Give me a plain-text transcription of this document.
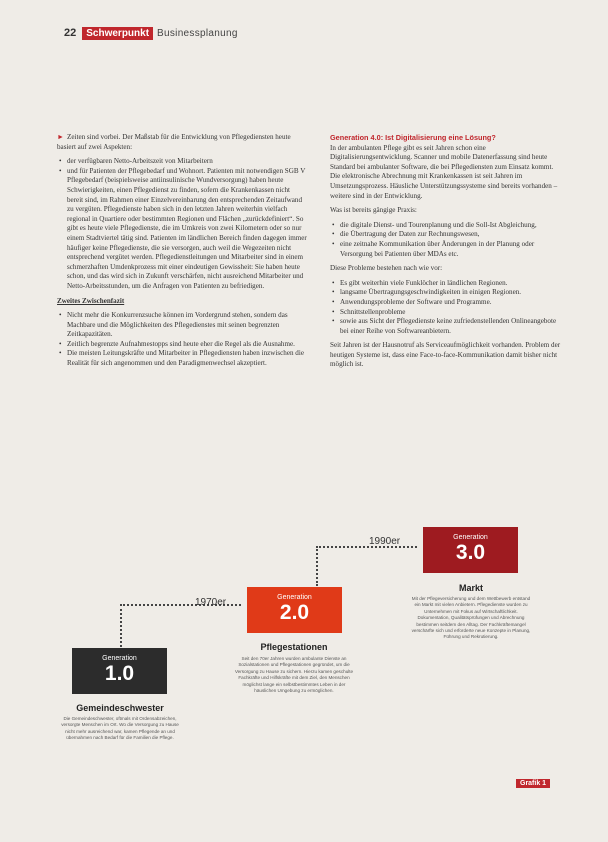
22	Schwerpunkt Businessplanung

► Zeiten sind vorbei. Der Maßstab für die Entwicklung von Pflegediensten heute basiert auf zwei Aspekten:

• der verfügbaren Netto-Arbeitszeit von Mitarbeitern
• und für Patienten der Pflegebedarf und Wohnort. Patienten mit notwendigen SGB V Pflegebedarf (beispielsweise antiinsulinische Wundversorgung) haben heute Schwierigkeiten, einen Pflegedienst zu finden, sofern die Krankenkassen nicht bereit sind, im Rahmen einer Einzelvereinbarung den entsprechenden Zeitaufwand zu vergüten. Pflegedienste haben sich in den letzten Jahren weiterhin vielfach regional in Quartiere oder bestimmten Regionen und Flächen „zurückdefiniert“. So gibt es heute viele Pflegedienste, die im Umkreis von zwei Kilometern oder so nur einem Stadtviertel tätig sind. Patienten im ländlichen Bereich finden dagegen immer häufiger keine Pflegedienste, die sie versorgen, auch weil die Wegezeiten nicht entsprechend vergütet werden. Pflegedienstleitungen und Mitarbeiter sind in einem schmerzhaften Umdenkprozess mit einer eindeutigen Gewissheit: Sie haben heute schon, und das wird sich in Zukunft verschärfen, nicht ausreichend Mitarbeiter und Netto-Arbeitsstunden, um die Anfragen von Patienten zu befriedigen.

Zweites Zwischenfazit

• Nicht mehr die Konkurrenzsuche können im Vordergrund stehen, sondern das Machbare und die Möglichkeiten des Pflegedienstes mit seinen begrenzten Zeitkapazitäten.
• Zeitlich begrenzte Aufnahmestopps sind heute eher die Regel als die Ausnahme.
• Die meisten Leitungskräfte und Mitarbeiter in Pflegediensten haben inzwischen die Realität für sich angenommen und den Paradigmenwechsel akzeptiert.

Generation 4.0: Ist Digitalisierung eine Lösung?
In der ambulanten Pflege gibt es seit Jahren schon eine Digitalisierungsentwicklung. Scanner und mobile Datenerfassung sind heute Standard bei ambulanter Software, die bei Pflegediensten zum Einsatz kommt. Die elektronische Abrechnung mit Krankenkassen ist seit Jahren im Umsetzungsprozess. Häusliche Unterstützungssysteme sind bereits vorhanden – weitere sind in der Entwicklung.

Was ist bereits gängige Praxis:

• die digitale Dienst- und Tourenplanung und die Soll-Ist Abgleichung,
• die Übertragung der Daten zur Rechnungswesen,
• eine zeitnahe Kommunikation über Änderungen in der Planung oder Versorgung bei Patienten über MDAs etc.

Diese Probleme bestehen nach wie vor:

• Es gibt weiterhin viele Funklöcher in ländlichen Regionen.
• langsame Übertragungsgeschwindigkeiten in einigen Regionen.
• Anwendungsprobleme der Software und Programme.
• Schnittstellenprobleme
• sowie aus Sicht der Pflegedienste keine zufriedenstellenden Onlineangebote bei einer Reihe von Softwareanbietern.

Seit Jahren ist der Hausnotruf als Serviceaufmöglichkeit vorhanden. Problem der heutigen Systeme ist, dass eine Face-to-face-Kommunikation damit bisher nicht möglich ist.

1970er
1990er
Generation
1.0
Generation
2.0
Generation
3.0
Gemeindeschwester
Die Gemeindeschwester, oftmals mit Ordensabzeichen, versorgte Menschen im Ort. Wo die Versorgung zu Hause nicht mehr ausreichend war, kamen Pflegende an und übernahmen nach Bedarf für die Familien die Pflege.
Pflegestationen
Seit den 70er Jahren wurden ambulante Dienste an Sozialstationen und Pflegestationen gegründet, um die Versorgung zu Hause zu sichern. Hierzu kamen geschulte Fachkräfte und Hilfskräfte mit dem Ziel, den Menschen möglichst lange ein selbstbestimmtes Leben in der häuslichen Umgebung zu ermöglichen.
Markt
Mit der Pflegeversicherung und dem Wettbewerb entstand ein Markt mit vielen Anbietern. Pflegedienste wurden zu Unternehmen mit Fokus auf Wirtschaftlichkeit. Dokumentation, Qualitätsprüfungen und Abrechnung bestimmen seitdem den Alltag. Der Fachkräftemangel verschärfte sich und erforderte neue Konzepte in Planung, Führung und Rekrutierung.
Grafik 1
